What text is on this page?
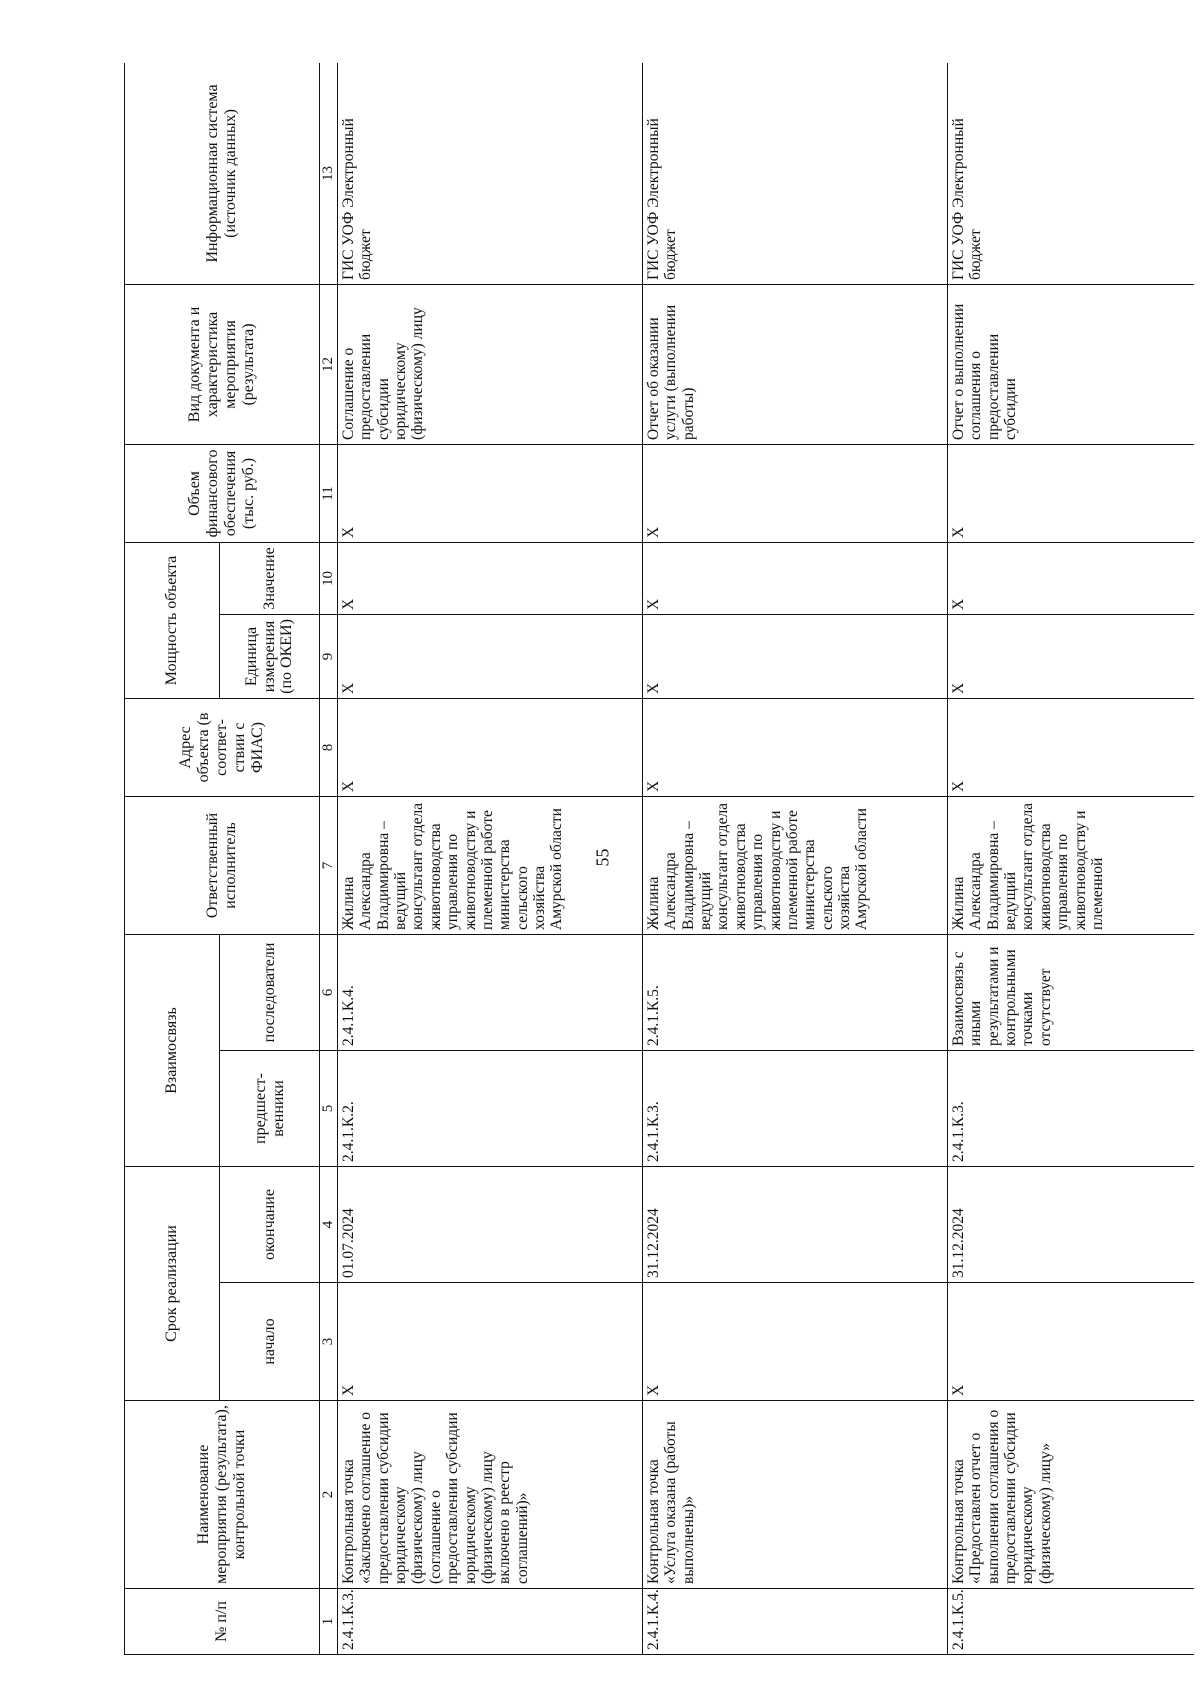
55
№ п/п	Наименование мероприятия (результата), контрольной точки	Срок реализации		Взаимосвязь		Ответственный исполнитель	Адрес объекта (в соответ-ствии с ФИАС)	Мощность объекта		Объем финансового обеспечения (тыс. руб.)	Вид документа и характеристика мероприятия (результата)	Информационная система (источник данных)
		начало	окончание	предшест-венники	последователи			Единица измерения (по ОКЕИ)	Значение			
1	2	3	4	5	6	7	8	9	10	11	12	13
2.4.1.К.3.	Контрольная точка «Заключено соглашение о предоставлении субсидии юридическому (физическому) лицу (соглашение о предоставлении субсидии юридическому (физическому) лицу включено в реестр соглашений)»	X	01.07.2024	2.4.1.К.2.	2.4.1.К.4.	Жилина Александра Владимировна – ведущий консультант отдела животноводства управления по животноводству и племенной работе министерства сельского хозяйства Амурской области	X	X	X	X	Соглашение о предоставлении субсидии юридическому (физическому) лицу	ГИС УОФ Электронный бюджет
2.4.1.К.4.	Контрольная точка «Услуга оказана (работы выполнены)»	X	31.12.2024	2.4.1.К.3.	2.4.1.К.5.	Жилина Александра Владимировна – ведущий консультант отдела животноводства управления по животноводству и племенной работе министерства сельского хозяйства Амурской области	X	X	X	X	Отчет об оказании услуги (выполнении работы)	ГИС УОФ Электронный бюджет
2.4.1.К.5.	Контрольная точка «Предоставлен отчет о выполнении соглашения о предоставлении субсидии юридическому (физическому) лицу»	X	31.12.2024	2.4.1.К.3.	Взаимосвязь с иными результатами и контрольными точками отсутствует	Жилина Александра Владимировна – ведущий консультант отдела животноводства управления по животноводству и племенной	X	X	X	X	Отчет о выполнении соглашения о предоставлении субсидии	ГИС УОФ Электронный бюджет
